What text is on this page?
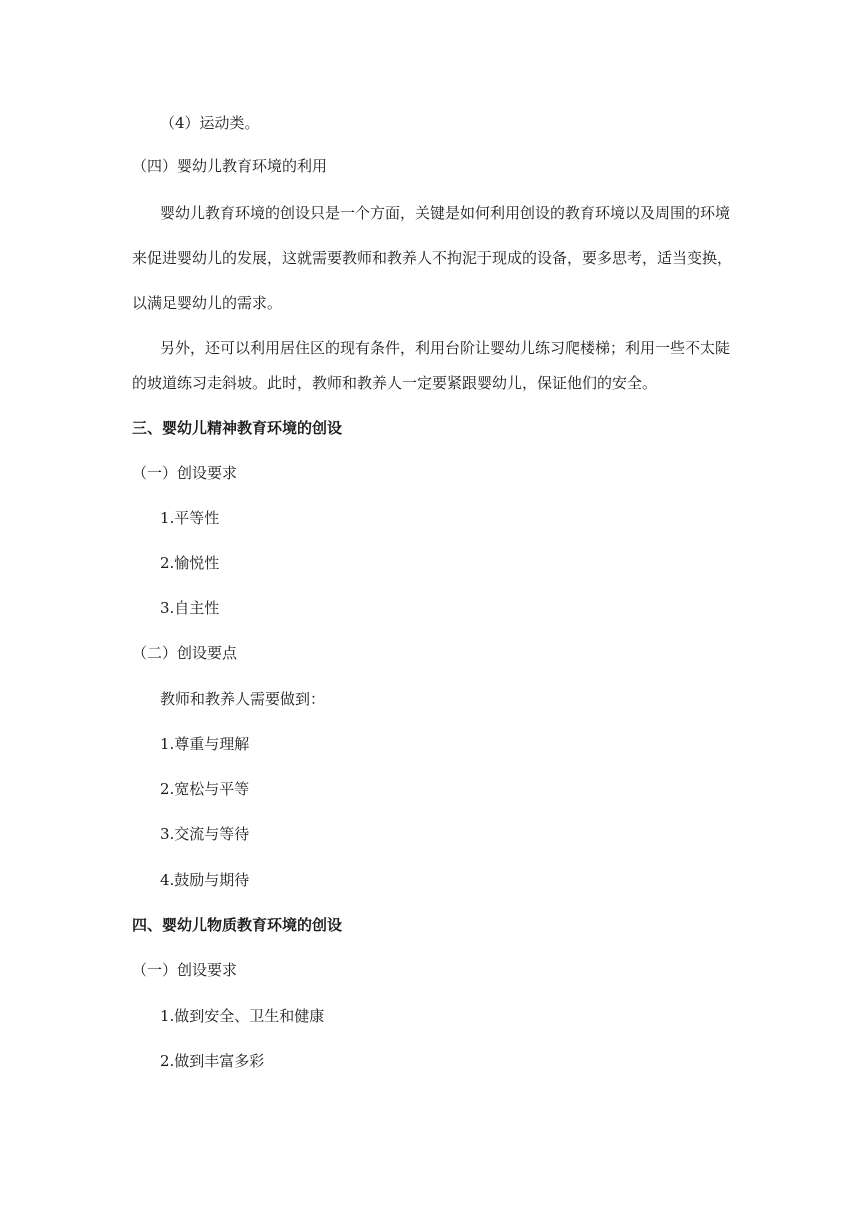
（4）运动类。
（四）婴幼儿教育环境的利用
婴幼儿教育环境的创设只是一个方面，关键是如何利用创设的教育环境以及周围的环境
来促进婴幼儿的发展，这就需要教师和教养人不拘泥于现成的设备，要多思考，适当变换，
以满足婴幼儿的需求。
另外，还可以利用居住区的现有条件，利用台阶让婴幼儿练习爬楼梯；利用一些不太陡
的坡道练习走斜坡。此时，教师和教养人一定要紧跟婴幼儿，保证他们的安全。
三、婴幼儿精神教育环境的创设
（一）创设要求
1.平等性
2.愉悦性
3.自主性
（二）创设要点
教师和教养人需要做到：
1.尊重与理解
2.宽松与平等
3.交流与等待
4.鼓励与期待
四、婴幼儿物质教育环境的创设
（一）创设要求
1.做到安全、卫生和健康
2.做到丰富多彩
